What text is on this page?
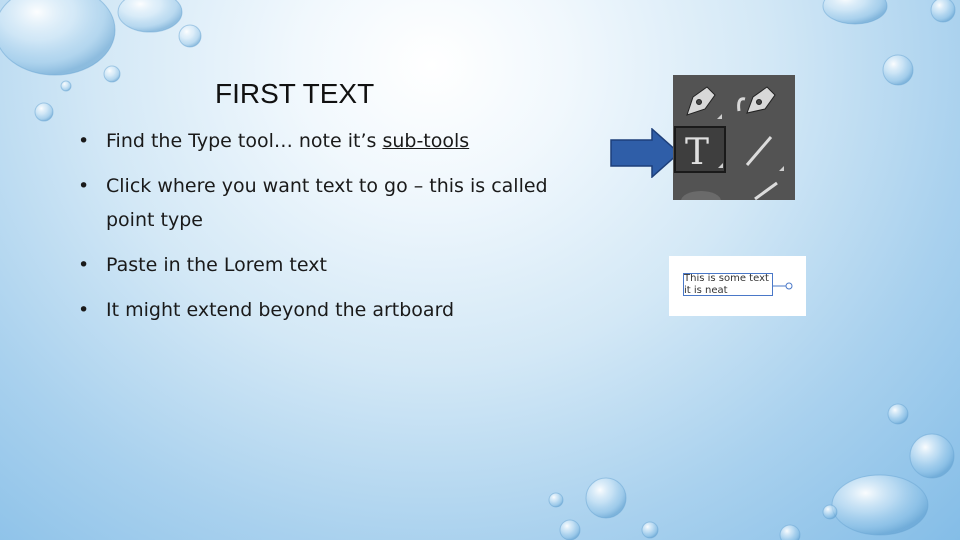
FIRST TEXT
• Find the Type tool… note it’s sub-tools
• Click where you want text to go – this is called point type
• Paste in the Lorem text
• It might extend beyond the artboard
T
This is some text
it is neat
